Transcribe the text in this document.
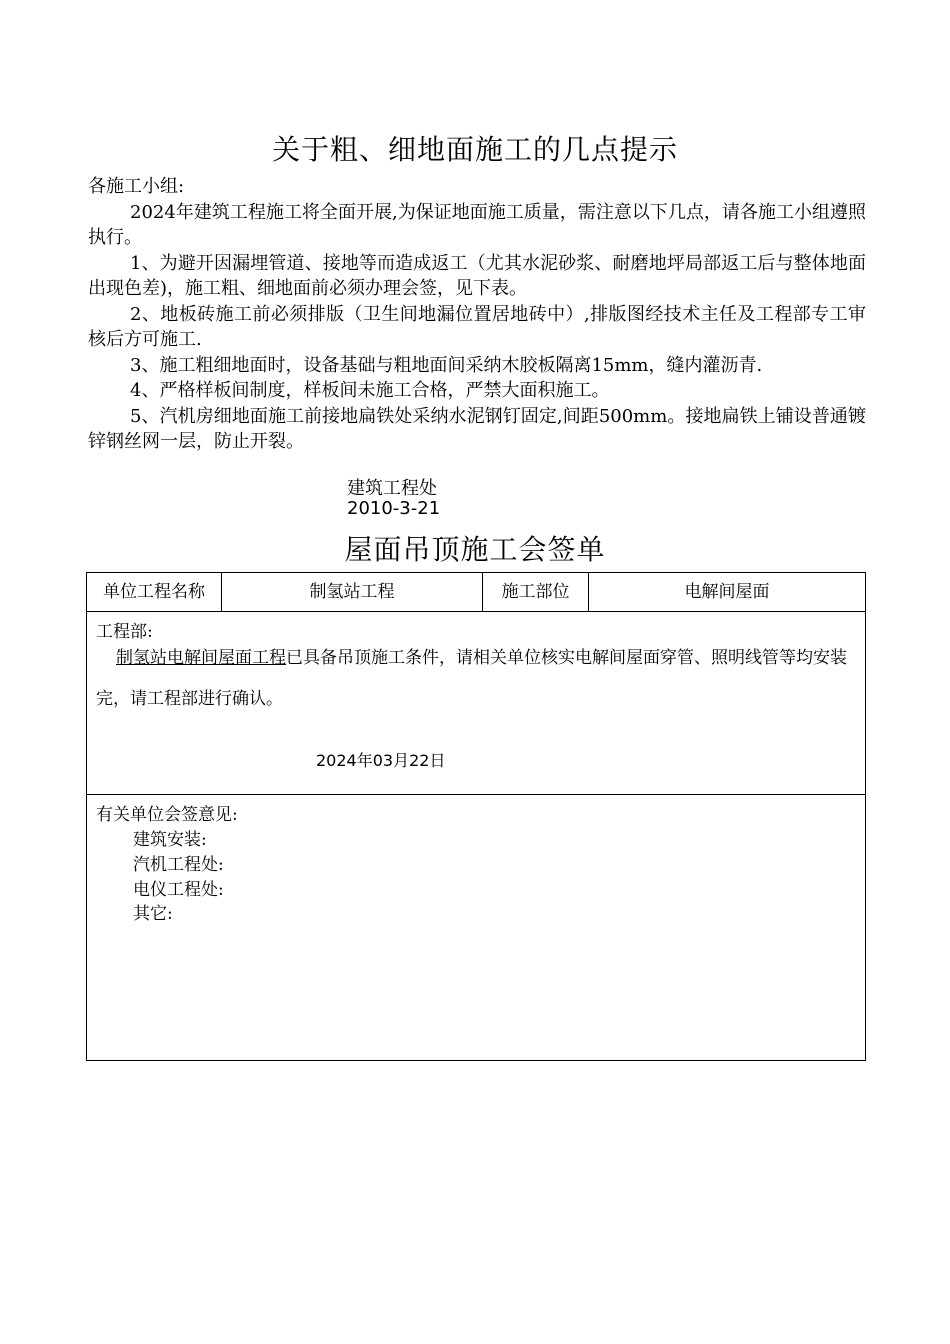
关于粗、细地面施工的几点提示

各施工小组:

2024年建筑工程施工将全面开展,为保证地面施工质量，需注意以下几点，请各施工小组遵照执行。

1、为避开因漏埋管道、接地等而造成返工（尤其水泥砂浆、耐磨地坪局部返工后与整体地面出现色差)，施工粗、细地面前必须办理会签，见下表。

2、地板砖施工前必须排版（卫生间地漏位置居地砖中）,排版图经技术主任及工程部专工审核后方可施工.

3、施工粗细地面时，设备基础与粗地面间采纳木胶板隔离15mm，缝内灌沥青.

4、严格样板间制度，样板间未施工合格，严禁大面积施工。

5、汽机房细地面施工前接地扁铁处采纳水泥钢钉固定,间距500mm。接地扁铁上铺设普通镀锌钢丝网一层，防止开裂。

建筑工程处
2010-3-21
屋面吊顶施工会签单
单位工程名称	制氢站工程	施工部位	电解间屋面
工程部:
制氢站电解间屋面工程已具备吊顶施工条件，请相关单位核实电解间屋面穿管、照明线管等均安装完，请工程部进行确认。
2024年03月22日
有关单位会签意见:
建筑安装:
汽机工程处:
电仪工程处:
其它:
